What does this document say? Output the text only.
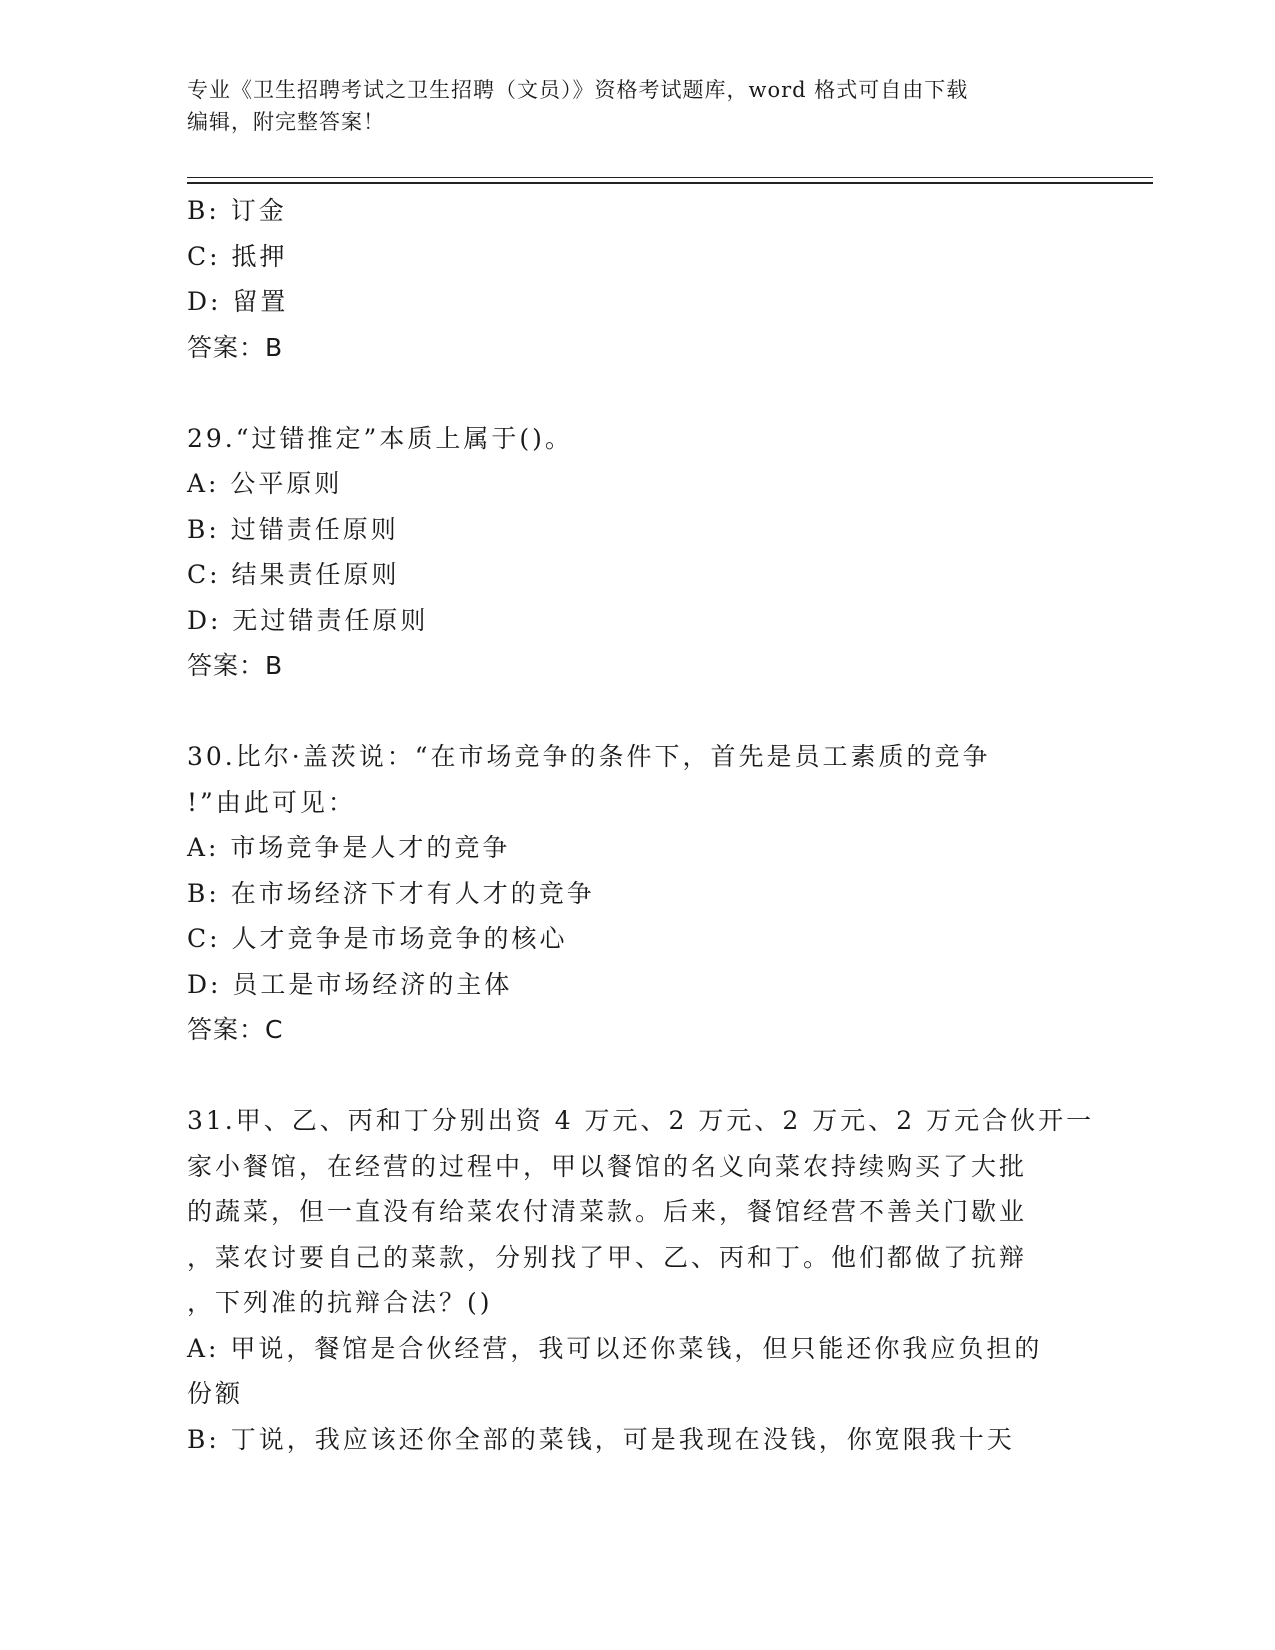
专业《卫生招聘考试之卫生招聘（文员）》资格考试题库，word 格式可自由下载
编辑，附完整答案！
B: 订金
C: 抵押
D: 留置
答案：B
29.“过错推定”本质上属于()。
A: 公平原则
B: 过错责任原则
C: 结果责任原则
D: 无过错责任原则
答案：B
30.比尔·盖茨说：“在市场竞争的条件下，首先是员工素质的竞争
!”由此可见：
A: 市场竞争是人才的竞争
B: 在市场经济下才有人才的竞争
C: 人才竞争是市场竞争的核心
D: 员工是市场经济的主体
答案：C
31.甲、乙、丙和丁分别出资 4 万元、2 万元、2 万元、2 万元合伙开一
家小餐馆，在经营的过程中，甲以餐馆的名义向菜农持续购买了大批
的蔬菜，但一直没有给菜农付清菜款。后来，餐馆经营不善关门歇业
，菜农讨要自己的菜款，分别找了甲、乙、丙和丁。他们都做了抗辩
，下列准的抗辩合法？()
A: 甲说，餐馆是合伙经营，我可以还你菜钱，但只能还你我应负担的
份额
B: 丁说，我应该还你全部的菜钱，可是我现在没钱，你宽限我十天
